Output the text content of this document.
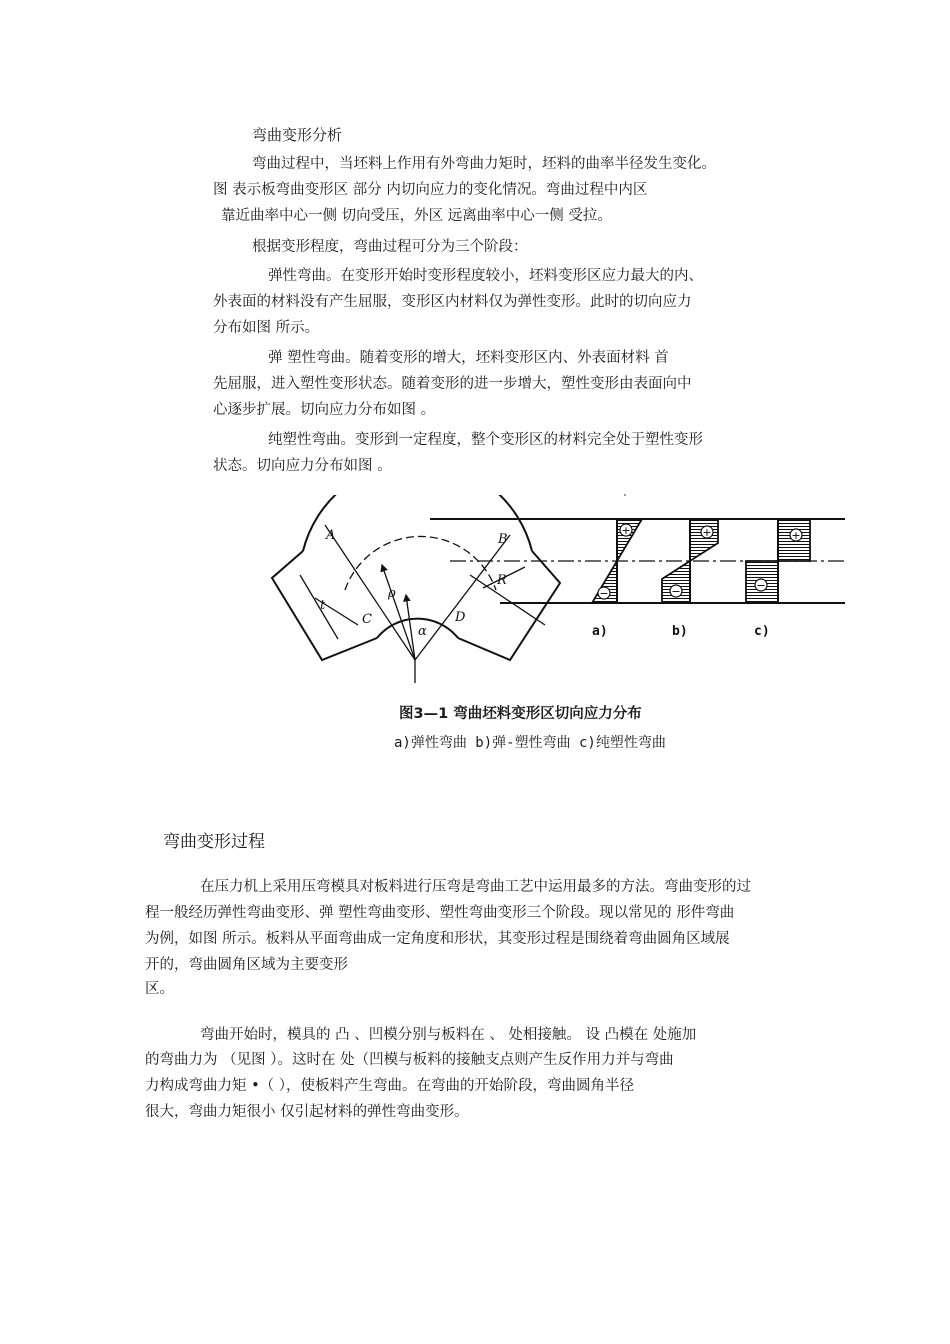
弯曲变形分析
弯曲过程中，当坯料上作用有外弯曲力矩时，坯料的曲率半径发生变化。
图 表示板弯曲变形区 部分 内切向应力的变化情况。弯曲过程中内区
靠近曲率中心一侧 切向受压，外区 远离曲率中心一侧 受拉。
根据变形程度，弯曲过程可分为三个阶段：
弹性弯曲。在变形开始时变形程度较小，坯料变形区应力最大的内、
外表面的材料没有产生屈服，变形区内材料仅为弹性变形。此时的切向应力
分布如图 所示。
弹 塑性弯曲。随着变形的增大，坯料变形区内、外表面材料 首
先屈服，进入塑性变形状态。随着变形的进一步增大，塑性变形由表面向中
心逐步扩展。切向应力分布如图 。
纯塑性弯曲。变形到一定程度，整个变形区的材料完全处于塑性变形
状态。切向应力分布如图 。
A	B
C	D
R
ρ
α
t
+
−
+
−
+
−
a)	b)	c)
图3—1 弯曲坯料变形区切向应力分布
a)弹性弯曲 b)弹-塑性弯曲 c)纯塑性弯曲
弯曲变形过程
在压力机上采用压弯模具对板料进行压弯是弯曲工艺中运用最多的方法。弯曲变形的过
程一般经历弹性弯曲变形、弹 塑性弯曲变形、塑性弯曲变形三个阶段。现以常见的 形件弯曲
为例，如图 所示。板料从平面弯曲成一定角度和形状，其变形过程是围绕着弯曲圆角区域展
开的，弯曲圆角区域为主要变形
区。
弯曲开始时，模具的 凸 、凹模分别与板料在 、 处相接触。 设 凸模在 处施加
的弯曲力为 （见图 ）。这时在 处（凹模与板料的接触支点则产生反作用力并与弯曲
力构成弯曲力矩 •（ ），使板料产生弯曲。在弯曲的开始阶段，弯曲圆角半径
很大，弯曲力矩很小 仅引起材料的弹性弯曲变形。
